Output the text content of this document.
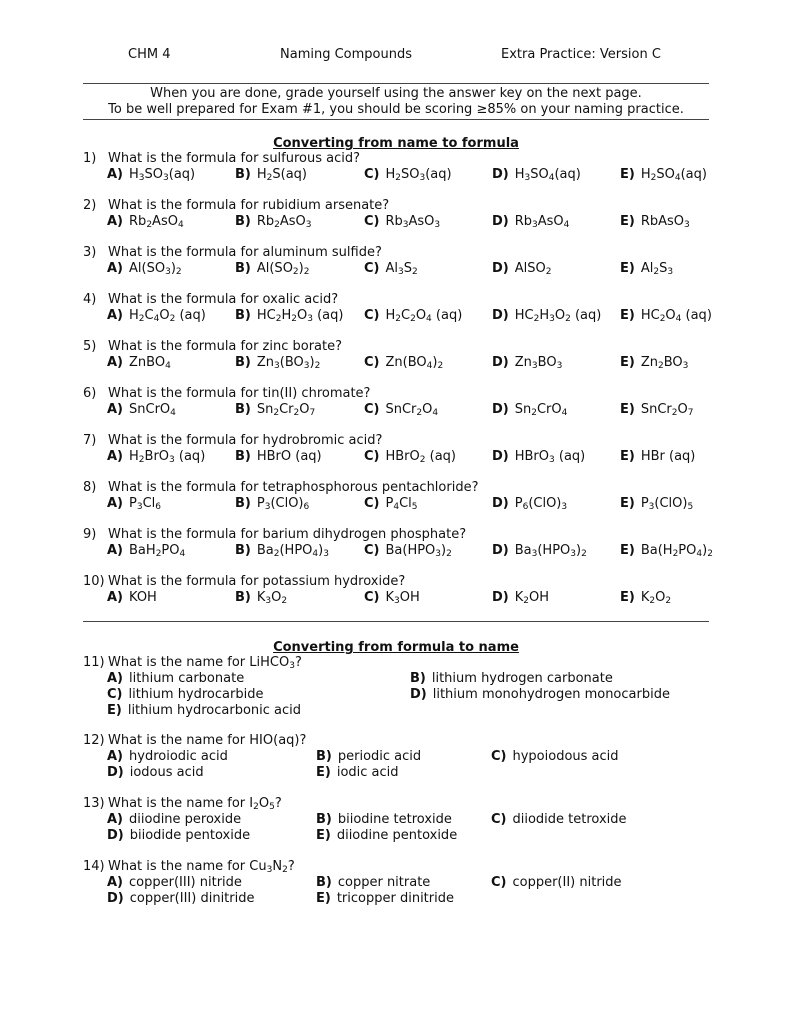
CHM 4	Naming Compounds	Extra Practice: Version C
When you are done, grade yourself using the answer key on the next page.
To be well prepared for Exam #1, you should be scoring ≥85% on your naming practice.
Converting from name to formula
1) What is the formula for sulfurous acid?
A) $H_3SO_3(aq)$	B) $H_2S(aq)$	C) $H_2SO_3(aq)$	D) $H_3SO_4(aq)$	E) $H_2SO_4(aq)$
2) What is the formula for rubidium arsenate?
A) $Rb_2AsO_4$	B) $Rb_2AsO_3$	C) $Rb_3AsO_3$	D) $Rb_3AsO_4$	E) RbAsO$_3$
3) What is the formula for aluminum sulfide?
A) $Al(SO_3)_2$	B) $Al(SO_2)_2$	C) $Al_3S_2$	D) AlSO$_2$	E) $Al_2S_3$
4) What is the formula for oxalic acid?
A) $H_2C_4O_2$ (aq) B) $HC_2H_2O_3$ (aq) C) $H_2C_2O_4$ (aq) D) $HC_2H_3O_2$ (aq) E) $HC_2O_4$ (aq)
5) What is the formula for zinc borate?
A) ZnBO$_4$	B) $Zn_3(BO_3)_2$	C) $Zn(BO_4)_2$	D) $Zn_3BO_3$	E) $Zn_2BO_3$
6) What is the formula for tin(II) chromate?
A) SnCrO$_4$	B) $Sn_2Cr_2O_7$	C) $SnCr_2O_4$	D) $Sn_2CrO_4$	E) $SnCr_2O_7$
7) What is the formula for hydrobromic acid?
A) $H_2BrO_3$ (aq) B) HBrO (aq)	C) HBrO$_2$ (aq)	D) HBrO$_3$ (aq)	E) HBr (aq)
8) What is the formula for tetraphosphorous pentachloride?
A) $P_3Cl_6$	B) $P_3(ClO)_6$	C) $P_4Cl_5$	D) $P_6(ClO)_3$	E) $P_3(ClO)_5$
9) What is the formula for barium dihydrogen phosphate?
A) $BaH_2PO_4$	B) $Ba_2(HPO_4)_3$	C) $Ba(HPO_3)_2$	D) $Ba_3(HPO_3)_2$	E) $Ba(H_2PO_4)_2$
10) What is the formula for potassium hydroxide?
A) KOH	B) $K_3O_2$	C) $K_3OH$	D) $K_2OH$	E) $K_2O_2$
Converting from formula to name
11) What is the name for LiHCO$_3$?
A) lithium carbonate	B) lithium hydrogen carbonate
C) lithium hydrocarbide	D) lithium monohydrogen monocarbide
E) lithium hydrocarbonic acid
12) What is the name for HIO(aq)?
A) hydroiodic acid	B) periodic acid	C) hypoiodous acid
D) iodous acid	E) iodic acid
13) What is the name for $I_2O_5$?
A) diiodine peroxide	B) biiodine tetroxide	C) diiodide tetroxide
D) biiodide pentoxide	E) diiodine pentoxide
14) What is the name for $Cu_3N_2$?
A) copper(III) nitride	B) copper nitrate	C) copper(II) nitride
D) copper(III) dinitride	E) tricopper dinitride
